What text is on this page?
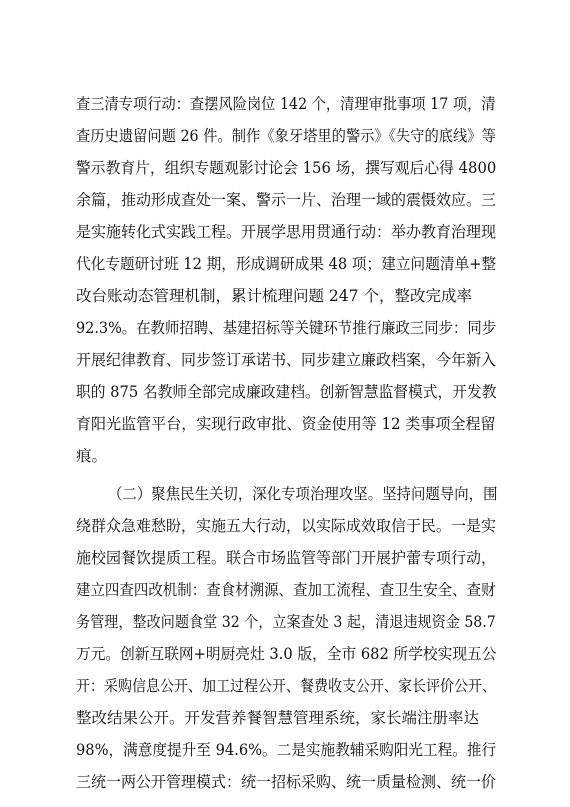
查三清专项行动：查摆风险岗位 142 个，清理审批事项 17 项，清
查历史遗留问题 26 件。制作《象牙塔里的警示》《失守的底线》等
警示教育片，组织专题观影讨论会 156 场，撰写观后心得 4800
余篇，推动形成查处一案、警示一片、治理一域的震慑效应。三
是实施转化式实践工程。开展学思用贯通行动：举办教育治理现
代化专题研讨班 12 期，形成调研成果 48 项；建立问题清单+整
改台账动态管理机制，累计梳理问题 247 个，整改完成率
92.3%。在教师招聘、基建招标等关键环节推行廉政三同步：同步
开展纪律教育、同步签订承诺书、同步建立廉政档案，今年新入
职的 875 名教师全部完成廉政建档。创新智慧监督模式，开发教
育阳光监管平台，实现行政审批、资金使用等 12 类事项全程留
痕。
（二）聚焦民生关切，深化专项治理攻坚。坚持问题导向，围
绕群众急难愁盼，实施五大行动，以实际成效取信于民。一是实
施校园餐饮提质工程。联合市场监管等部门开展护蕾专项行动，
建立四查四改机制：查食材溯源、查加工流程、查卫生安全、查财
务管理，整改问题食堂 32 个，立案查处 3 起，清退违规资金 58.7
万元。创新互联网+明厨亮灶 3.0 版，全市 682 所学校实现五公
开：采购信息公开、加工过程公开、餐费收支公开、家长评价公开、
整改结果公开。开发营养餐智慧管理系统，家长端注册率达
98%，满意度提升至 94.6%。二是实施教辅采购阳光工程。推行
三统一两公开管理模式：统一招标采购、统一质量检测、统一价
